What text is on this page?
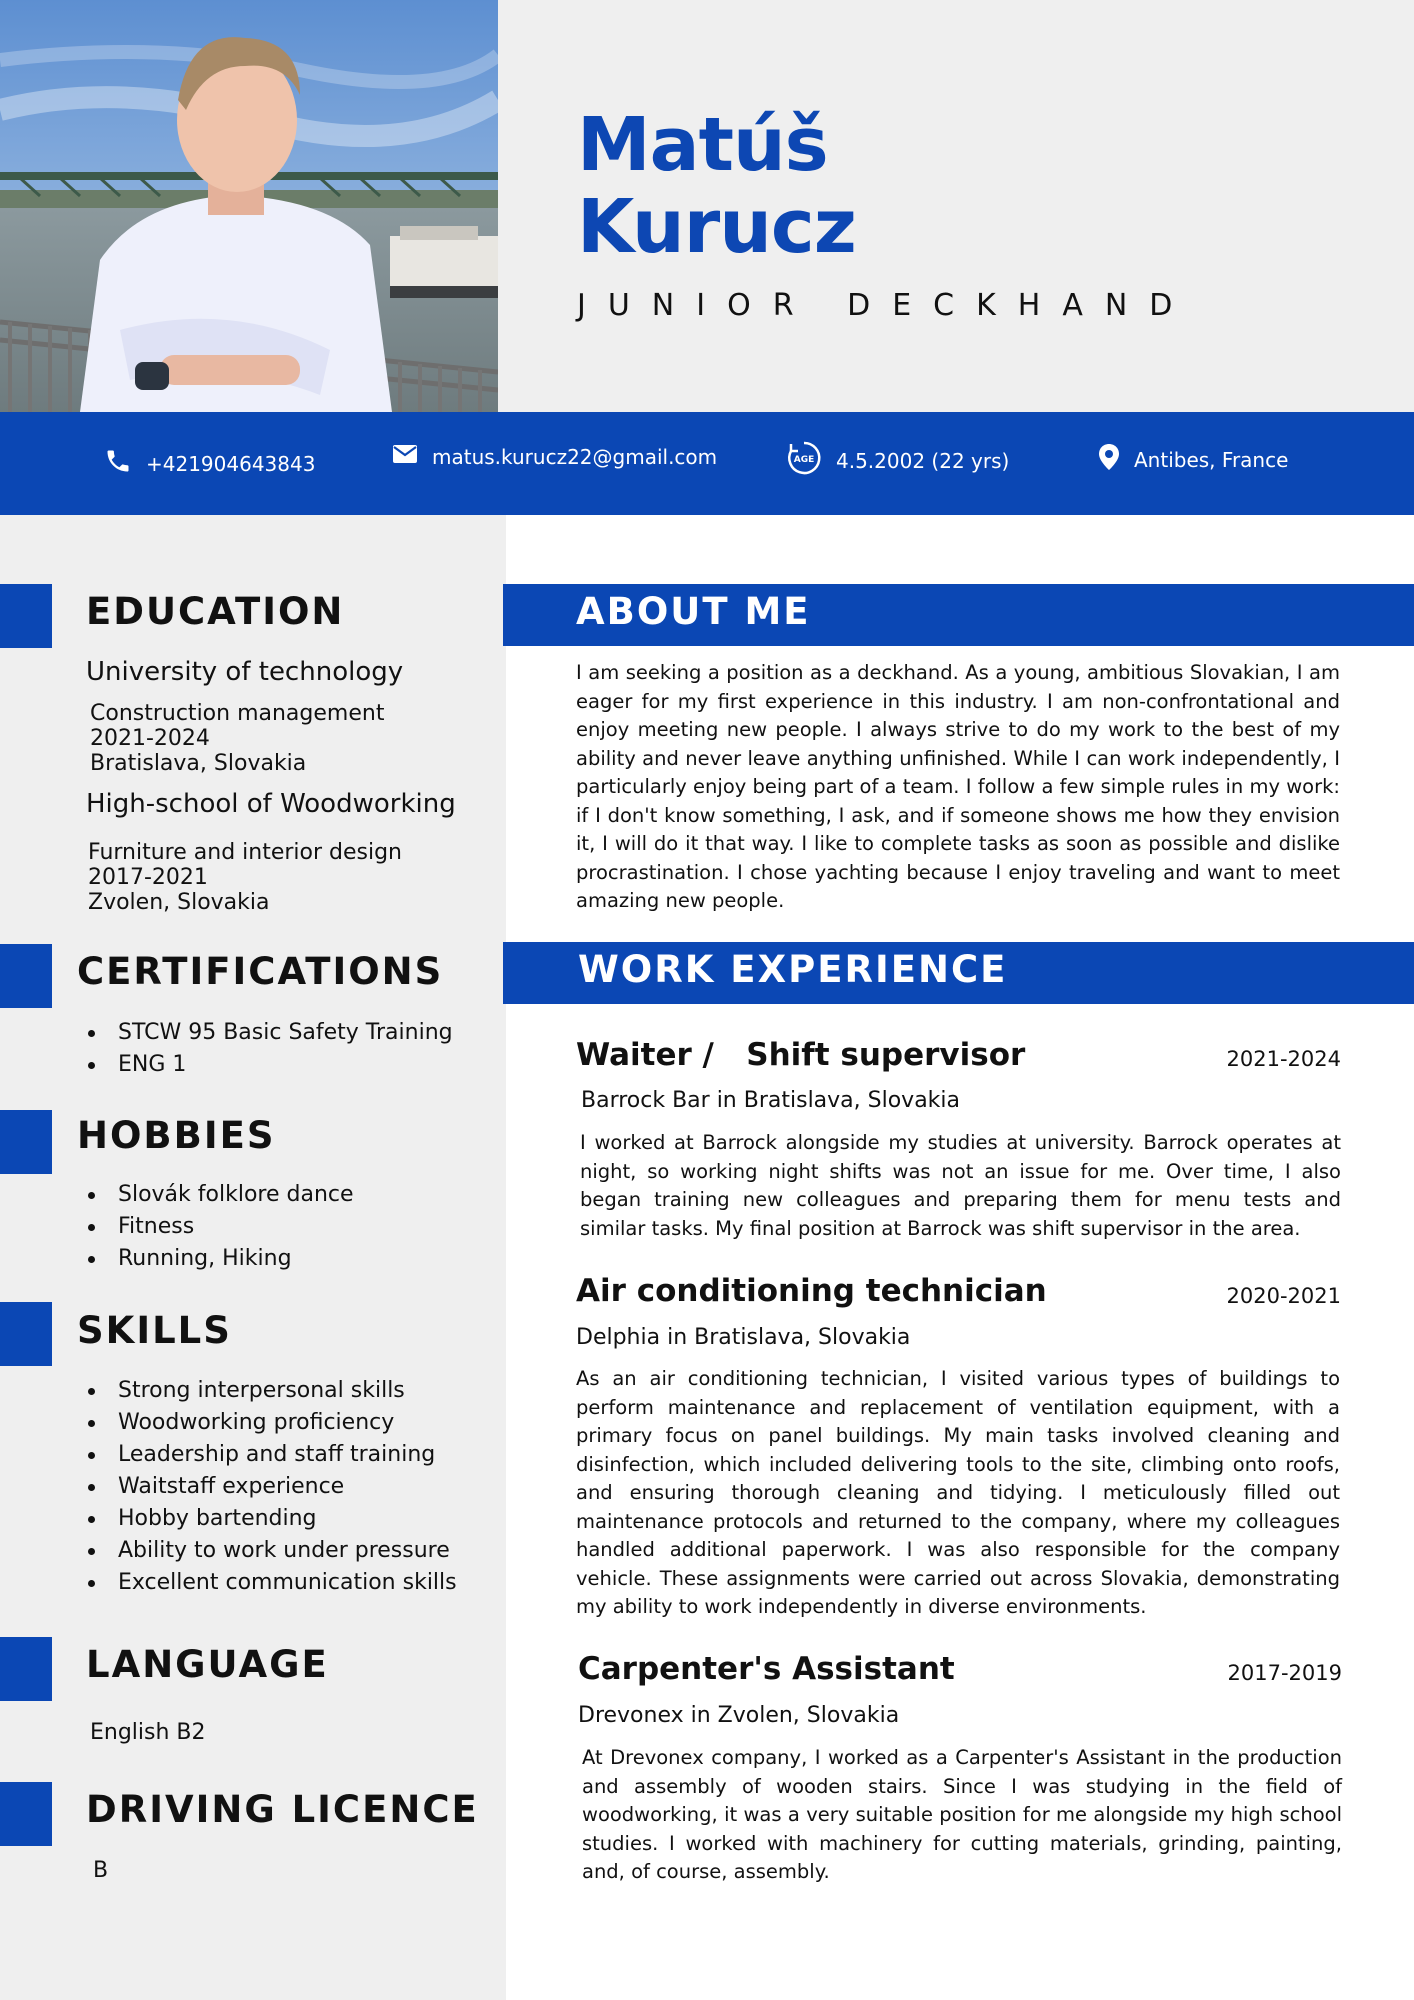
Matúš
Kurucz
JUNIOR DECKHAND
+421904643843	matus.kurucz22@gmail.com	AGE 4.5.2002 (22 yrs)	Antibes, France
EDUCATION
University of technology
Construction management
2021-2024
Bratislava, Slovakia
High-school of Woodworking
Furniture and interior design
2017-2021
Zvolen, Slovakia
CERTIFICATIONS
STCW 95 Basic Safety Training
ENG 1
HOBBIES
Slovák folklore dance
Fitness
Running, Hiking
SKILLS
Strong interpersonal skills
Woodworking proficiency
Leadership and staff training
Waitstaff experience
Hobby bartending
Ability to work under pressure
Excellent communication skills
LANGUAGE
English B2
DRIVING LICENCE
B
ABOUT ME
I am seeking a position as a deckhand. As a young, ambitious Slovakian, I am eager for my first experience in this industry. I am non-confrontational and enjoy meeting new people. I always strive to do my work to the best of my ability and never leave anything unfinished. While I can work independently, I particularly enjoy being part of a team. I follow a few simple rules in my work: if I don't know something, I ask, and if someone shows me how they envision it, I will do it that way. I like to complete tasks as soon as possible and dislike procrastination. I chose yachting because I enjoy traveling and want to meet amazing new people.
WORK EXPERIENCE
Waiter /   Shift supervisor	2021-2024
Barrock Bar in Bratislava, Slovakia
I worked at Barrock alongside my studies at university. Barrock operates at night, so working night shifts was not an issue for me. Over time, I also began training new colleagues and preparing them for menu tests and similar tasks. My final position at Barrock was shift supervisor in the area.
Air conditioning technician	2020-2021
Delphia in Bratislava, Slovakia
As an air conditioning technician, I visited various types of buildings to perform maintenance and replacement of ventilation equipment, with a primary focus on panel buildings. My main tasks involved cleaning and disinfection, which included delivering tools to the site, climbing onto roofs, and ensuring thorough cleaning and tidying. I meticulously filled out maintenance protocols and returned to the company, where my colleagues handled additional paperwork. I was also responsible for the company vehicle. These assignments were carried out across Slovakia, demonstrating my ability to work independently in diverse environments.
Carpenter's Assistant	2017-2019
Drevonex in Zvolen, Slovakia
At Drevonex company, I worked as a Carpenter's Assistant in the production and assembly of wooden stairs. Since I was studying in the field of woodworking, it was a very suitable position for me alongside my high school studies. I worked with machinery for cutting materials, grinding, painting, and, of course, assembly.
